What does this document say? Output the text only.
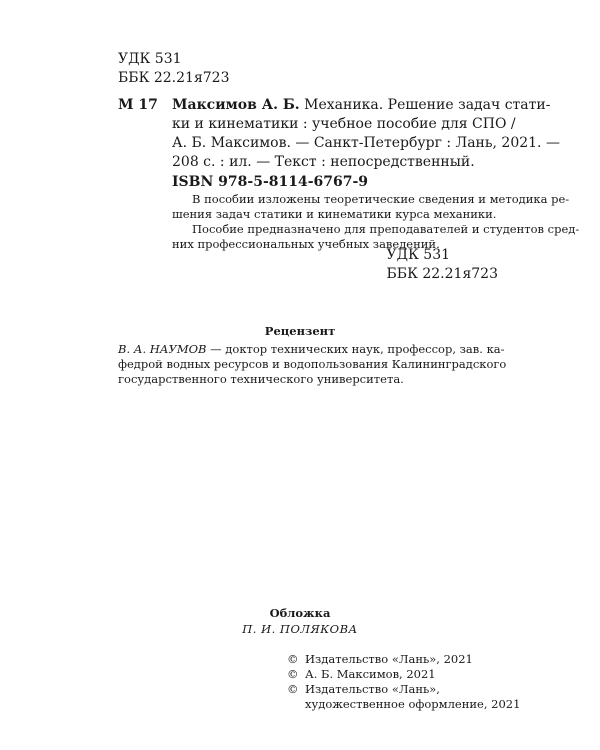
УДК 531
ББК 22.21я723
М 17 Максимов А. Б. Механика. Решение задач стати-
ки и кинематики : учебное пособие для СПО /
А. Б. Максимов. — Санкт-Петербург : Лань, 2021. —
208 с. : ил. — Текст : непосредственный.
ISBN 978-5-8114-6767-9
В пособии изложены теоретические сведения и методика ре-
шения задач статики и кинематики курса механики.
Пособие предназначено для преподавателей и студентов сред-
них профессиональных учебных заведений.
УДК 531
ББК 22.21я723
Рецензент
В. А. НАУМОВ — доктор технических наук, профессор, зав. ка-
федрой водных ресурсов и водопользования Калининградского
государственного технического университета.
Обложка
П. И. ПОЛЯКОВА
© Издательство «Лань», 2021
© А. Б. Максимов, 2021
© Издательство «Лань»,
художественное оформление, 2021
